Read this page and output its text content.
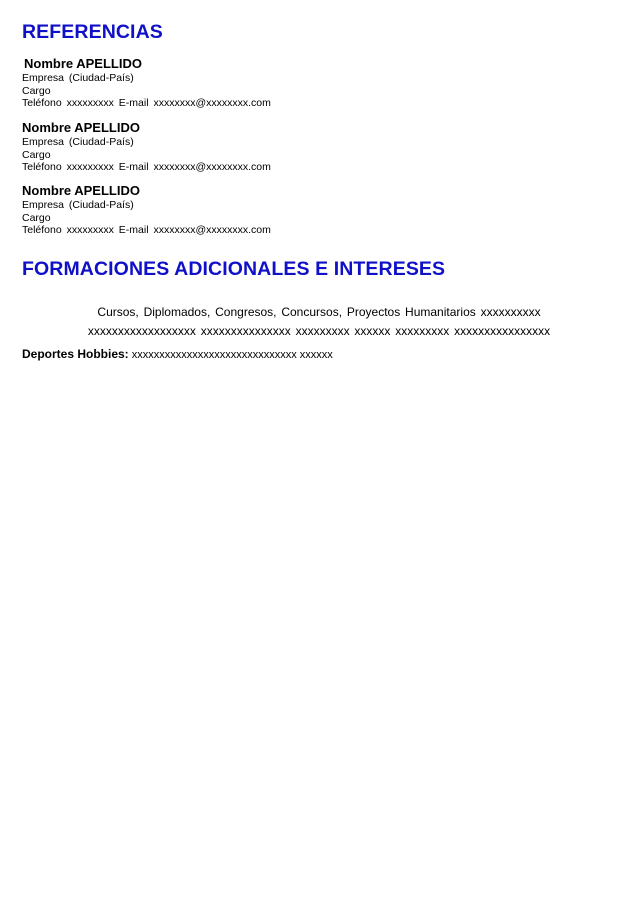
REFERENCIAS
Nombre APELLIDO
Empresa (Ciudad-País)
Cargo
Teléfono xxxxxxxxx E-mail xxxxxxxx@xxxxxxxx.com
Nombre APELLIDO
Empresa (Ciudad-País)
Cargo
Teléfono xxxxxxxxx E-mail xxxxxxxx@xxxxxxxx.com
Nombre APELLIDO
Empresa (Ciudad-País)
Cargo
Teléfono xxxxxxxxx E-mail xxxxxxxx@xxxxxxxx.com
FORMACIONES ADICIONALES E INTERESES
Cursos, Diplomados, Congresos, Concursos, Proyectos Humanitarios xxxxxxxxxx
xxxxxxxxxxxxxxxxxx xxxxxxxxxxxxxxx xxxxxxxxx xxxxxx xxxxxxxxx xxxxxxxxxxxxxxxx
Deportes Hobbies: xxxxxxxxxxxxxxxxxxxxxxxxxxxxxx xxxxxx
